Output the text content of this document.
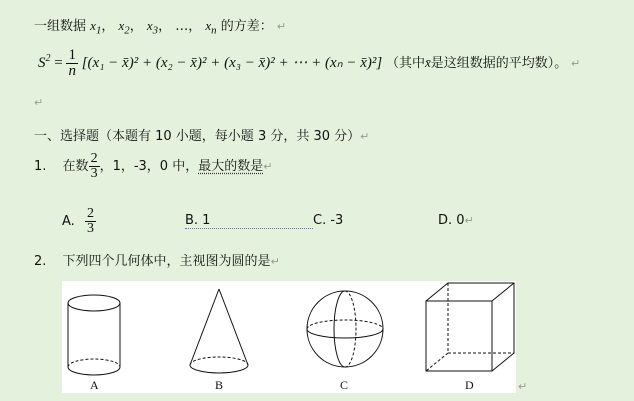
一组数据 $x_1$， $x_2$， $x_3$， …， $x_n$ 的方差： ↵
$S^2 = \frac{1}{n} [(x_1$ − x̄)² + (x₂ − x̄)² + (x₃ − x̄)² + ⋯ + (xₙ − x̄)²] （其中x̄是这组数据的平均数）。 ↵
↵
一、选择题（本题有 10 小题，每小题 3 分，共 30 分）↵
1. 在数 $\frac{2}{3}$ ，1，-3，0 中，最大的数是↵
A. $\frac{2}{3}$	B. 1	C. -3	D. 0↵
2. 下列四个几何体中，主视图为圆的是↵
A	B	C	D	↵
